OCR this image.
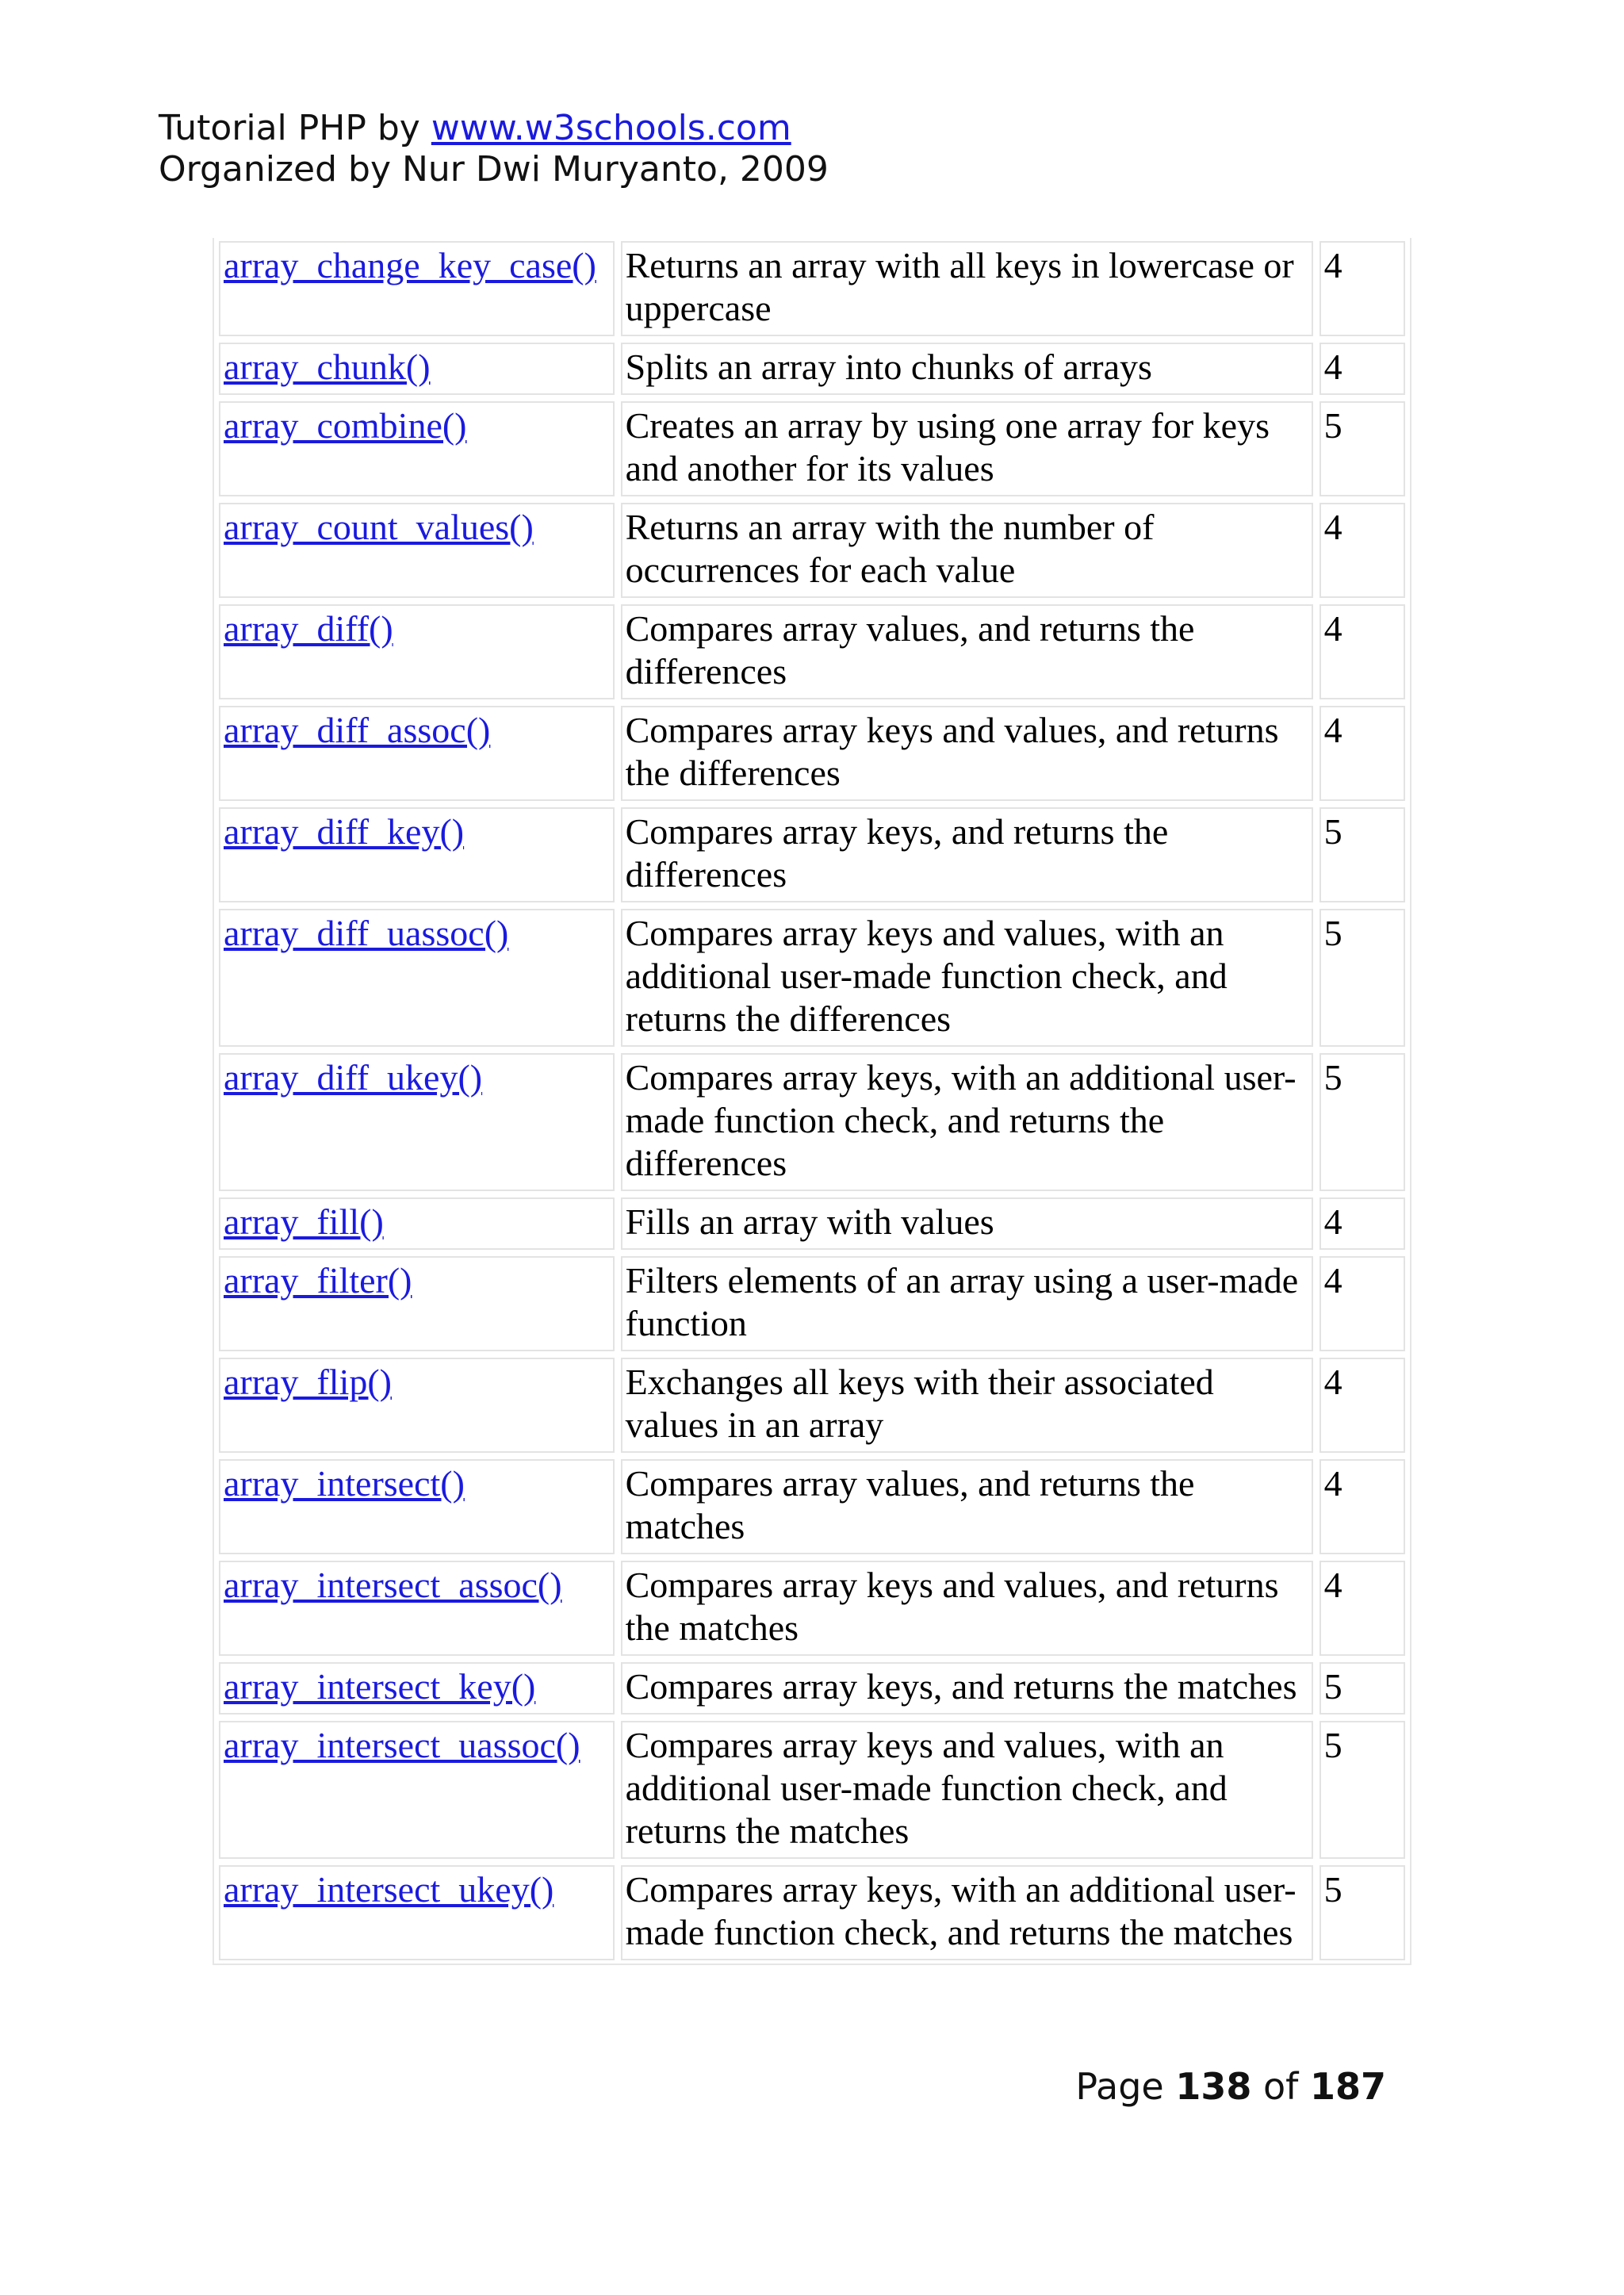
Tutorial PHP by www.w3schools.com
Organized by Nur Dwi Muryanto, 2009
array_change_key_case()	Returns an array with all keys in lowercase or uppercase	4
array_chunk()	Splits an array into chunks of arrays	4
array_combine()	Creates an array by using one array for keys and another for its values	5
array_count_values()	Returns an array with the number of occurrences for each value	4
array_diff()	Compares array values, and returns the differences	4
array_diff_assoc()	Compares array keys and values, and returns the differences	4
array_diff_key()	Compares array keys, and returns the differences	5
array_diff_uassoc()	Compares array keys and values, with an additional user-made function check, and returns the differences	5
array_diff_ukey()	Compares array keys, with an additional user-made function check, and returns the differences	5
array_fill()	Fills an array with values	4
array_filter()	Filters elements of an array using a user-made function	4
array_flip()	Exchanges all keys with their associated values in an array	4
array_intersect()	Compares array values, and returns the matches	4
array_intersect_assoc()	Compares array keys and values, and returns the matches	4
array_intersect_key()	Compares array keys, and returns the matches	5
array_intersect_uassoc()	Compares array keys and values, with an additional user-made function check, and returns the matches	5
array_intersect_ukey()	Compares array keys, with an additional user-made function check, and returns the matches	5
Page 138 of 187
